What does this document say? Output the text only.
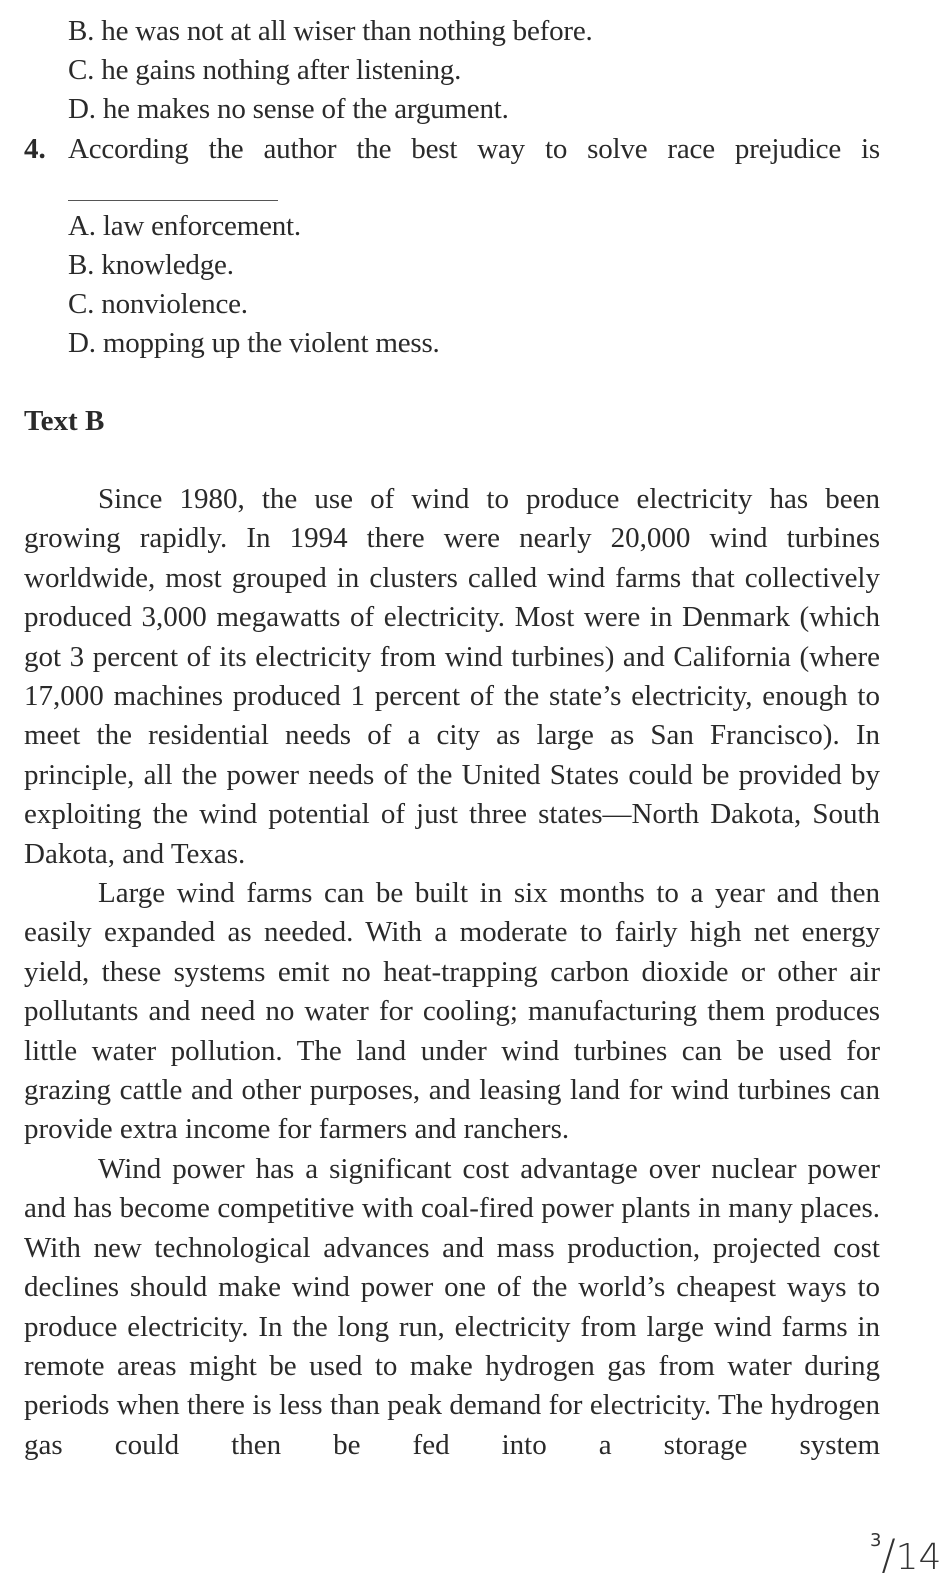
B. he was not at all wiser than nothing before.
C. he gains nothing after listening.
D. he makes no sense of the argument.
4. According the author the best way to solve race prejudice is
A. law enforcement.
B. knowledge.
C. nonviolence.
D. mopping up the violent mess.
Text B

Since 1980, the use of wind to produce electricity has been growing rapidly. In 1994 there were nearly 20,000 wind turbines worldwide, most grouped in clusters called wind farms that collectively produced 3,000 megawatts of electricity. Most were in Denmark (which got 3 percent of its electricity from wind turbines) and California (where 17,000 machines produced 1 percent of the state’s electricity, enough to meet the residential needs of a city as large as San Francisco). In principle, all the power needs of the United States could be provided by exploiting the wind potential of just three states—North Dakota, South Dakota, and Texas.

Large wind farms can be built in six months to a year and then easily expanded as needed. With a moderate to fairly high net energy yield, these systems emit no heat-trapping carbon dioxide or other air pollutants and need no water for cooling; manufacturing them produces little water pollution. The land under wind turbines can be used for grazing cattle and other purposes, and leasing land for wind turbines can provide extra income for farmers and ranchers.

Wind power has a significant cost advantage over nuclear power and has become competitive with coal-fired power plants in many places. With new technological advances and mass production, projected cost declines should make wind power one of the world’s cheapest ways to produce electricity. In the long run, electricity from large wind farms in remote areas might be used to make hydrogen gas from water during periods when there is less than peak demand for electricity. The hydrogen gas could then be fed into a storage system

3/14
